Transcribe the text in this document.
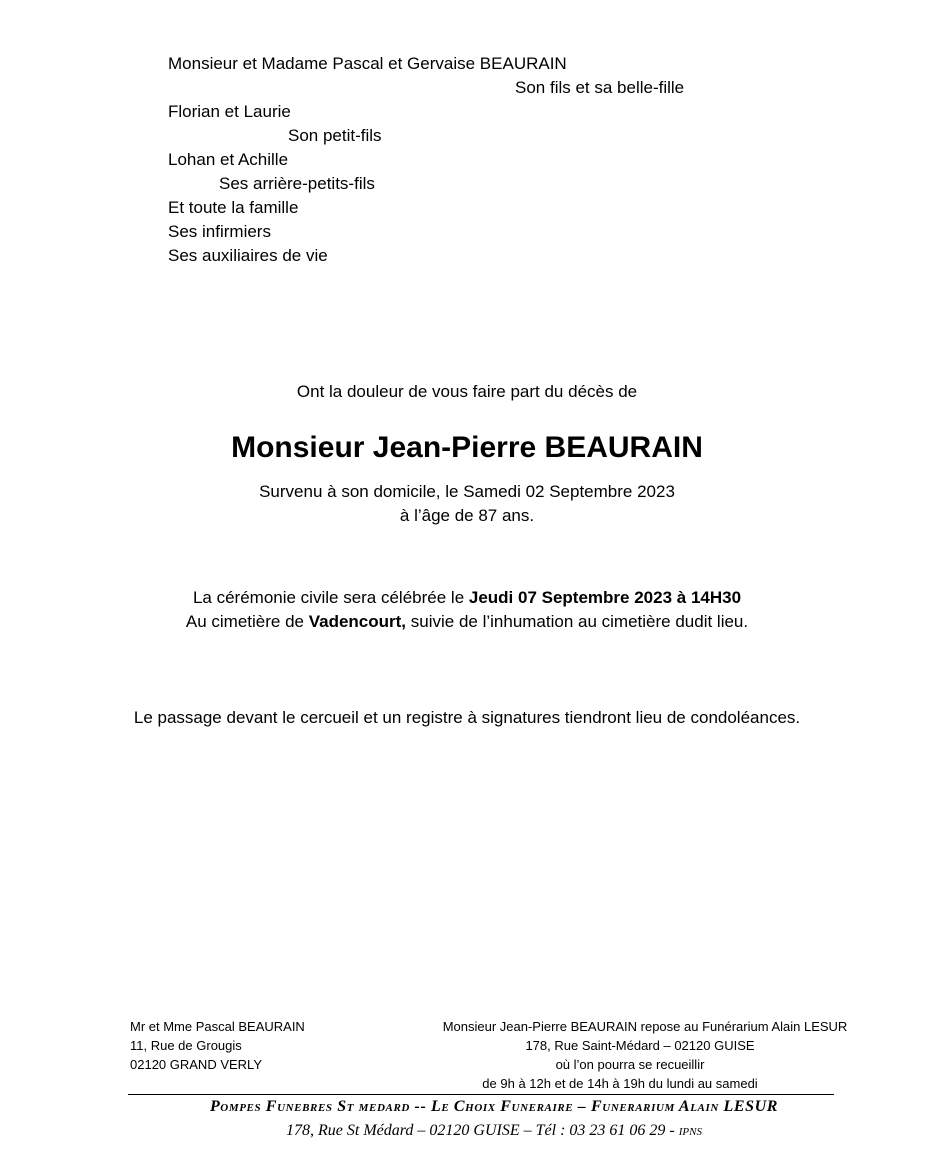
Monsieur et Madame Pascal et Gervaise BEAURAIN
Son fils et sa belle-fille
Florian et Laurie
Son petit-fils
Lohan et Achille
Ses arrière-petits-fils
Et toute la famille
Ses infirmiers
Ses auxiliaires de vie
Ont la douleur de vous faire part du décès de
Monsieur Jean-Pierre BEAURAIN
Survenu à son domicile, le Samedi 02 Septembre 2023
à l’âge de 87 ans.
La cérémonie civile sera célébrée le Jeudi 07 Septembre 2023 à 14H30
Au cimetière de Vadencourt, suivie de l’inhumation au cimetière dudit lieu.
Le passage devant le cercueil et un registre à signatures tiendront lieu de condoléances.
Mr et Mme Pascal BEAURAIN
11, Rue de Grougis
02120 GRAND VERLY
Monsieur Jean-Pierre BEAURAIN repose au Funérarium Alain LESUR
178, Rue Saint-Médard – 02120 GUISE
où l’on pourra se recueillir
de 9h à 12h et de 14h à 19h du lundi au samedi
Pompes Funebres St medard -- Le Choix Funeraire – Funerarium Alain LESUR
178, Rue St Médard – 02120 GUISE – Tél : 03 23 61 06 29 - IPNS
